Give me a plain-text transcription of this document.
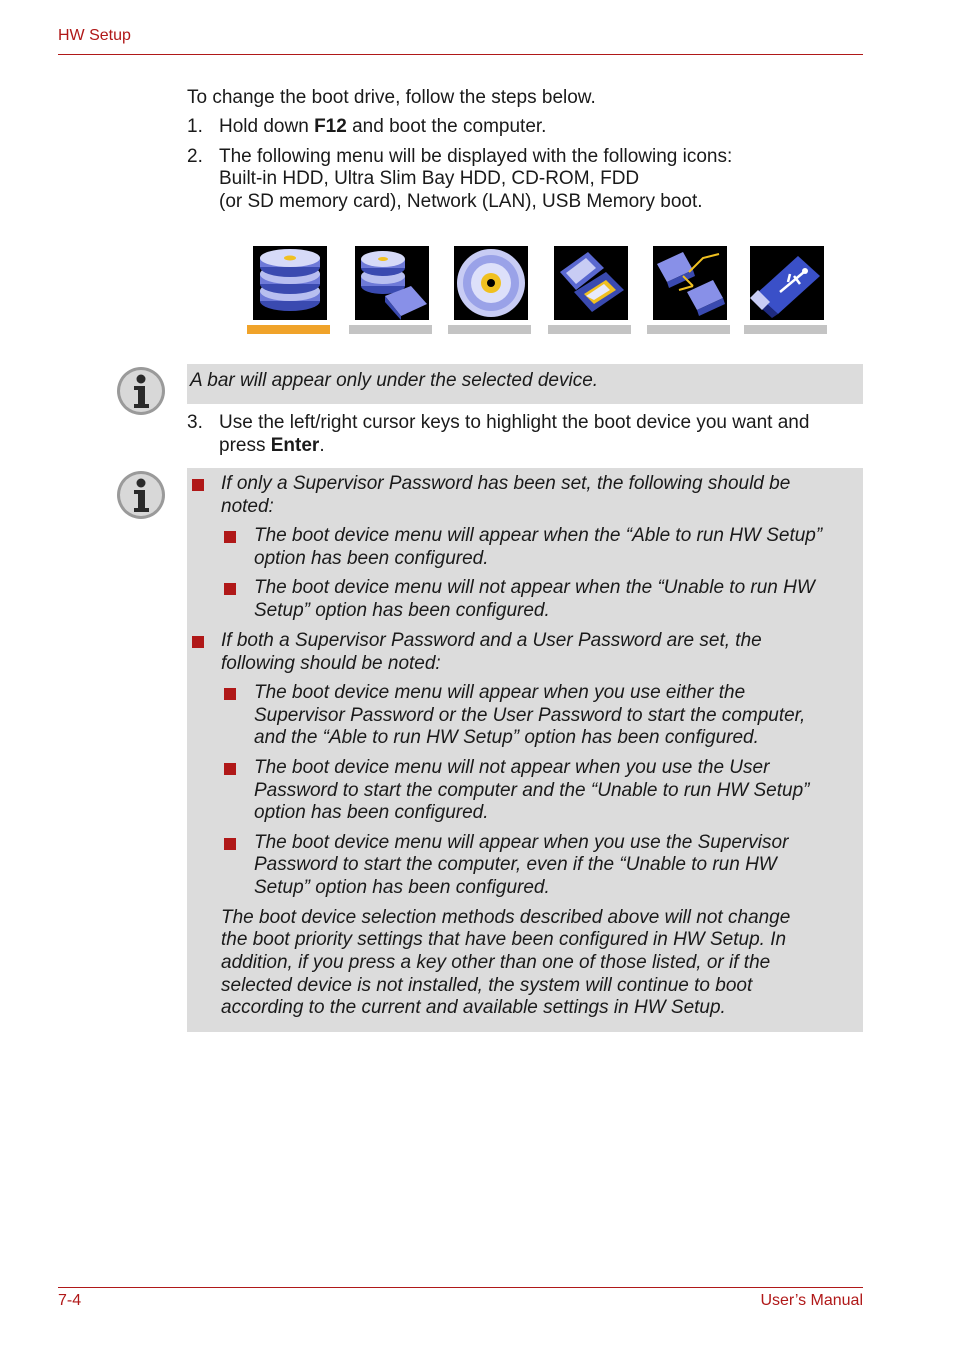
HW Setup
7-4	User’s Manual
To change the boot drive, follow the steps below.
1. Hold down F12 and boot the computer.
2. The following menu will be displayed with the following icons:
Built-in HDD, Ultra Slim Bay HDD, CD-ROM, FDD
(or SD memory card), Network (LAN), USB Memory boot.
A bar will appear only under the selected device.
3. Use the left/right cursor keys to highlight the boot device you want and
press Enter.
If only a Supervisor Password has been set, the following should be
noted:
The boot device menu will appear when the “Able to run HW Setup”
option has been configured.
The boot device menu will not appear when the “Unable to run HW
Setup” option has been configured.
If both a Supervisor Password and a User Password are set, the
following should be noted:
The boot device menu will appear when you use either the
Supervisor Password or the User Password to start the computer,
and the “Able to run HW Setup” option has been configured.
The boot device menu will not appear when you use the User
Password to start the computer and the “Unable to run HW Setup”
option has been configured.
The boot device menu will appear when you use the Supervisor
Password to start the computer, even if the “Unable to run HW
Setup” option has been configured.
The boot device selection methods described above will not change
the boot priority settings that have been configured in HW Setup. In
addition, if you press a key other than one of those listed, or if the
selected device is not installed, the system will continue to boot
according to the current and available settings in HW Setup.
